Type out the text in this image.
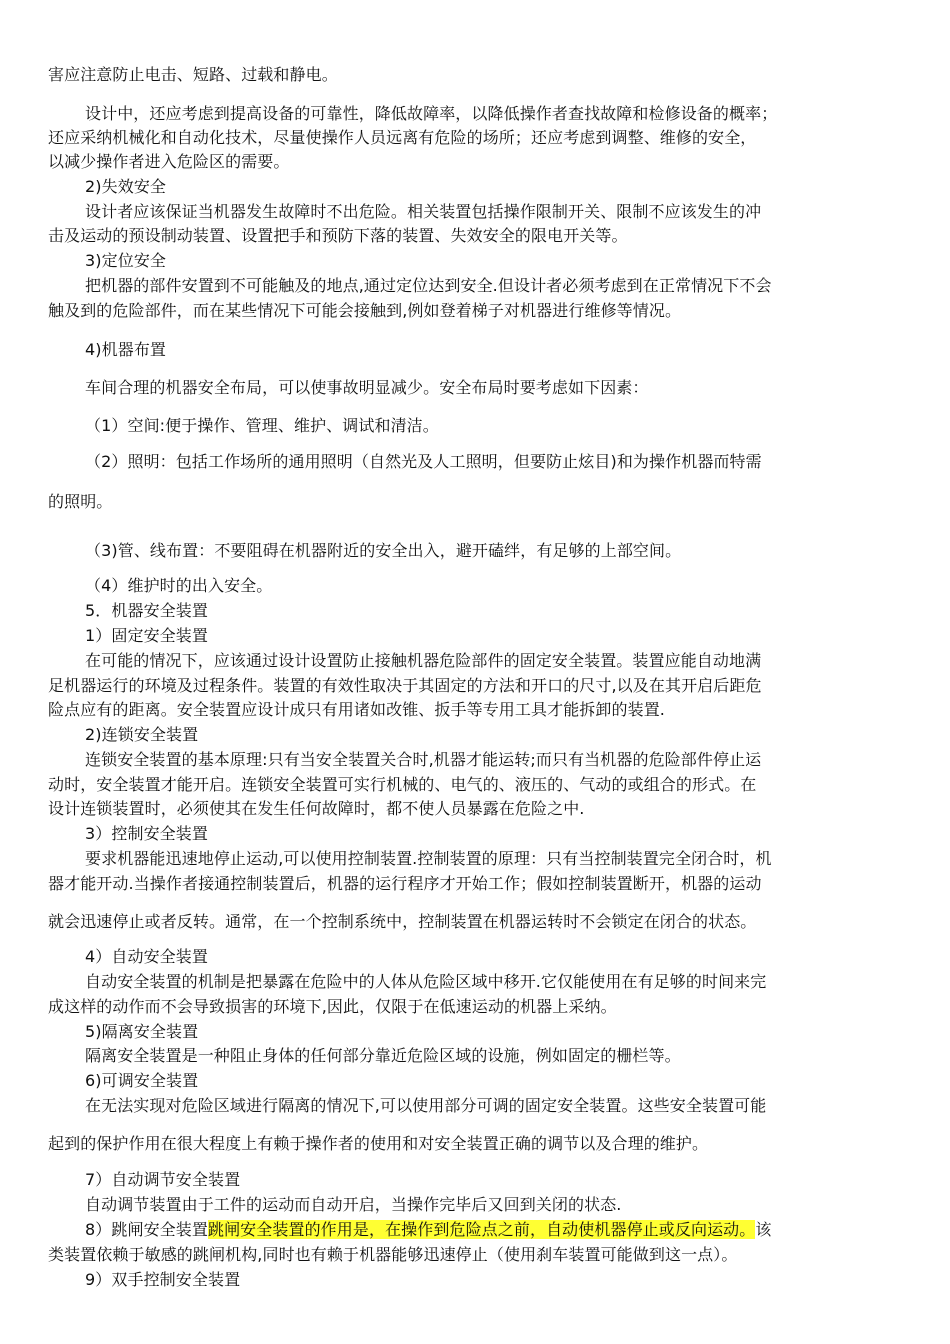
害应注意防止电击、短路、过载和静电。
设计中，还应考虑到提高设备的可靠性，降低故障率，以降低操作者查找故障和检修设备的概率；
还应采纳机械化和自动化技术，尽量使操作人员远离有危险的场所；还应考虑到调整、维修的安全，
以减少操作者进入危险区的需要。
2)失效安全
设计者应该保证当机器发生故障时不出危险。相关装置包括操作限制开关、限制不应该发生的冲
击及运动的预设制动装置、设置把手和预防下落的装置、失效安全的限电开关等。
3)定位安全
把机器的部件安置到不可能触及的地点,通过定位达到安全.但设计者必须考虑到在正常情况下不会
触及到的危险部件，而在某些情况下可能会接触到,例如登着梯子对机器进行维修等情况。
4)机器布置
车间合理的机器安全布局，可以使事故明显减少。安全布局时要考虑如下因素：
（1）空间:便于操作、管理、维护、调试和清洁。
（2）照明：包括工作场所的通用照明（自然光及人工照明，但要防止炫目)和为操作机器而特需
的照明。
（3)管、线布置：不要阻碍在机器附近的安全出入，避开磕绊，有足够的上部空间。
（4）维护时的出入安全。
5．机器安全装置
1）固定安全装置
在可能的情况下，应该通过设计设置防止接触机器危险部件的固定安全装置。装置应能自动地满
足机器运行的环境及过程条件。装置的有效性取决于其固定的方法和开口的尺寸,以及在其开启后距危
险点应有的距离。安全装置应设计成只有用诸如改锥、扳手等专用工具才能拆卸的装置.
2)连锁安全装置
连锁安全装置的基本原理:只有当安全装置关合时,机器才能运转;而只有当机器的危险部件停止运
动时，安全装置才能开启。连锁安全装置可实行机械的、电气的、液压的、气动的或组合的形式。在
设计连锁装置时，必须使其在发生任何故障时，都不使人员暴露在危险之中.
3）控制安全装置
要求机器能迅速地停止运动,可以使用控制装置.控制装置的原理：只有当控制装置完全闭合时，机
器才能开动.当操作者接通控制装置后，机器的运行程序才开始工作；假如控制装置断开，机器的运动
就会迅速停止或者反转。通常，在一个控制系统中，控制装置在机器运转时不会锁定在闭合的状态。
4）自动安全装置
自动安全装置的机制是把暴露在危险中的人体从危险区域中移开.它仅能使用在有足够的时间来完
成这样的动作而不会导致损害的环境下,因此，仅限于在低速运动的机器上采纳。
5)隔离安全装置
隔离安全装置是一种阻止身体的任何部分靠近危险区域的设施，例如固定的栅栏等。
6)可调安全装置
在无法实现对危险区域进行隔离的情况下,可以使用部分可调的固定安全装置。这些安全装置可能
起到的保护作用在很大程度上有赖于操作者的使用和对安全装置正确的调节以及合理的维护。
7）自动调节安全装置
自动调节装置由于工件的运动而自动开启，当操作完毕后又回到关闭的状态.
8）跳闸安全装置跳闸安全装置的作用是，在操作到危险点之前，自动使机器停止或反向运动。该
类装置依赖于敏感的跳闸机构,同时也有赖于机器能够迅速停止（使用刹车装置可能做到这一点）。
9）双手控制安全装置
